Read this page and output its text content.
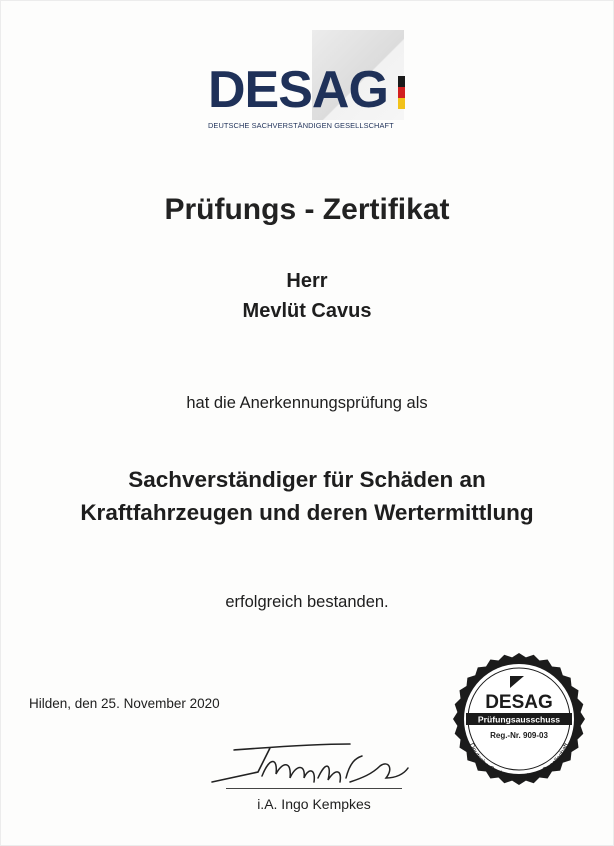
DESAG
DEUTSCHE SACHVERSTÄNDIGEN GESELLSCHAFT
Prüfungs - Zertifikat
Herr
Mevlüt Cavus
hat die Anerkennungsprüfung als
Sachverständiger für Schäden an
Kraftfahrzeugen und deren Wertermittlung
erfolgreich bestanden.
Hilden, den 25. November 2020
i.A. Ingo Kempkes
DESAG
Prüfungsausschuss
Reg.-Nr. 909-03
Deutsche-Sachverständigen-Gesellschaft
